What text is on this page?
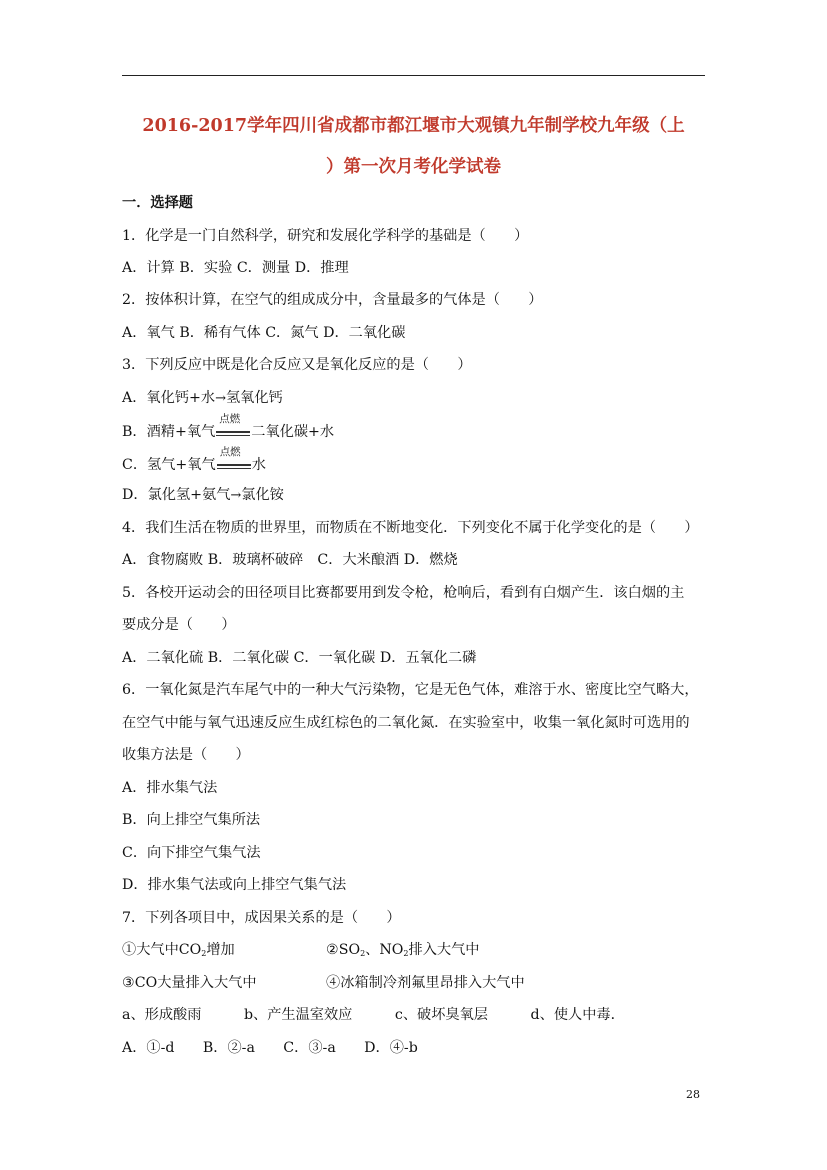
2016-2017学年四川省成都市都江堰市大观镇九年制学校九年级（上
）第一次月考化学试卷
一．选择题
1．化学是一门自然科学，研究和发展化学科学的基础是（　　）
A．计算 B．实验 C．测量 D．推理
2．按体积计算，在空气的组成成分中，含量最多的气体是（　　）
A．氧气 B．稀有气体 C．氮气 D．二氧化碳
3．下列反应中既是化合反应又是氧化反应的是（　　）
A．氧化钙+水→氢氧化钙
B．酒精+氧气
点燃
二氧化碳+水
C．氢气+氧气
点燃
水
D．氯化氢+氨气→氯化铵
4．我们生活在物质的世界里，而物质在不断地变化．下列变化不属于化学变化的是（　　）
A．食物腐败 B．玻璃杯破碎　C．大米酿酒 D．燃烧
5．各校开运动会的田径项目比赛都要用到发令枪，枪响后，看到有白烟产生．该白烟的主
要成分是（　　）
A．二氧化硫 B．二氧化碳 C．一氧化碳 D．五氧化二磷
6．一氧化氮是汽车尾气中的一种大气污染物，它是无色气体，难溶于水、密度比空气略大，
在空气中能与氧气迅速反应生成红棕色的二氧化氮．在实验室中，收集一氧化氮时可选用的
收集方法是（　　）
A．排水集气法
B．向上排空气集所法
C．向下排空气集气法
D．排水集气法或向上排空气集气法
7．下列各项目中，成因果关系的是（　　）
①大气中$CO_2$增加	$②SO_2$、$NO_2$排入大气中
③CO大量排入大气中	④冰箱制冷剂氟里昂排入大气中
a、形成酸雨　　　b、产生温室效应　　　c、破坏臭氧层　　　d、使人中毒．
A．①-d　　B．②-a　　C．③-a　　D．④-b
28
